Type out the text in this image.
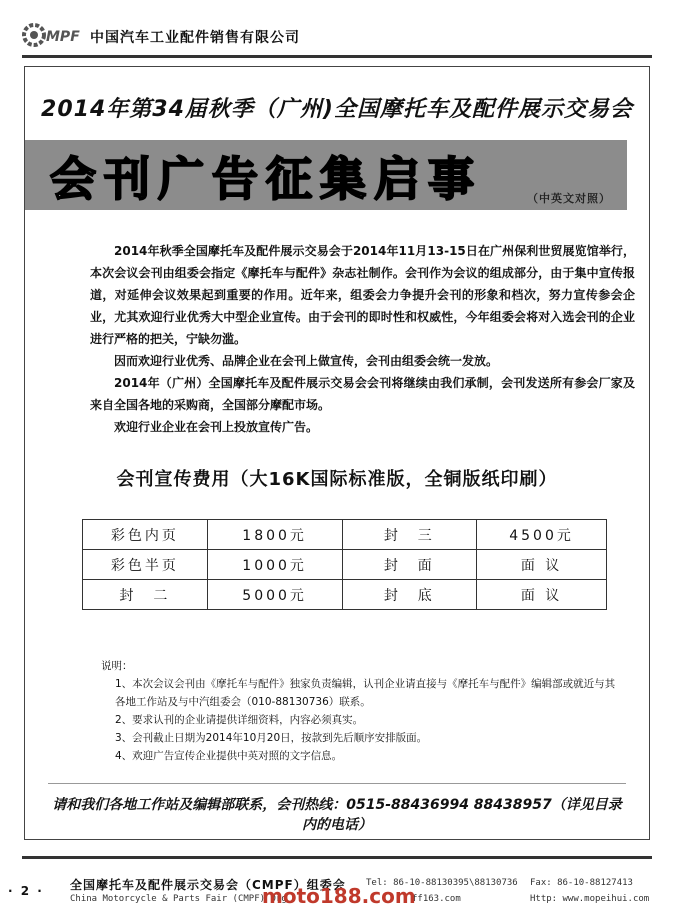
MPF 中国汽车工业配件销售有限公司
2014年第34届秋季（广州)全国摩托车及配件展示交易会
会刊广告征集启事	（中英文对照）

2014年秋季全国摩托车及配件展示交易会于2014年11月13-15日在广州保利世贸展览馆举行，本次会议会刊由组委会指定《摩托车与配件》杂志社制作。会刊作为会议的组成部分，由于集中宣传报道，对延伸会议效果起到重要的作用。近年来，组委会力争提升会刊的形象和档次，努力宣传参会企业，尤其欢迎行业优秀大中型企业宣传。由于会刊的即时性和权威性，今年组委会将对入选会刊的企业进行严格的把关，宁缺勿滥。

因而欢迎行业优秀、品牌企业在会刊上做宣传，会刊由组委会统一发放。

2014年（广州）全国摩托车及配件展示交易会会刊将继续由我们承制，会刊发送所有参会厂家及来自全国各地的采购商，全国部分摩配市场。

欢迎行业企业在会刊上投放宣传广告。

会刊宣传费用（大16K国际标准版，全铜版纸印刷）
彩色内页	1800元	封　三	4500元
彩色半页	1000元	封　面	面 议
封　二	5000元	封　底	面 议

说明：

1、本次会议会刊由《摩托车与配件》独家负责编辑，认刊企业请直接与《摩托车与配件》编辑部或就近与其各地工作站及与中汽组委会（010-88130736）联系。

2、要求认刊的企业请提供详细资料，内容必须真实。

3、会刊截止日期为2014年10月20日，按款到先后顺序安排版面。

4、欢迎广告宣传企业提供中英对照的文字信息。

请和我们各地工作站及编辑部联系，会刊热线：0515-88436994 88438957（详见目录内的电话）
· 2 · 全国摩托车及配件展示交易会（CMPF）组委会
China Motorcycle & Parts Fair (CMPF) Org
Tel: 86-10-88130395\88130736
ff163.com
Fax: 86-10-88127413
Http: www.mopeihui.com
moto188.com
